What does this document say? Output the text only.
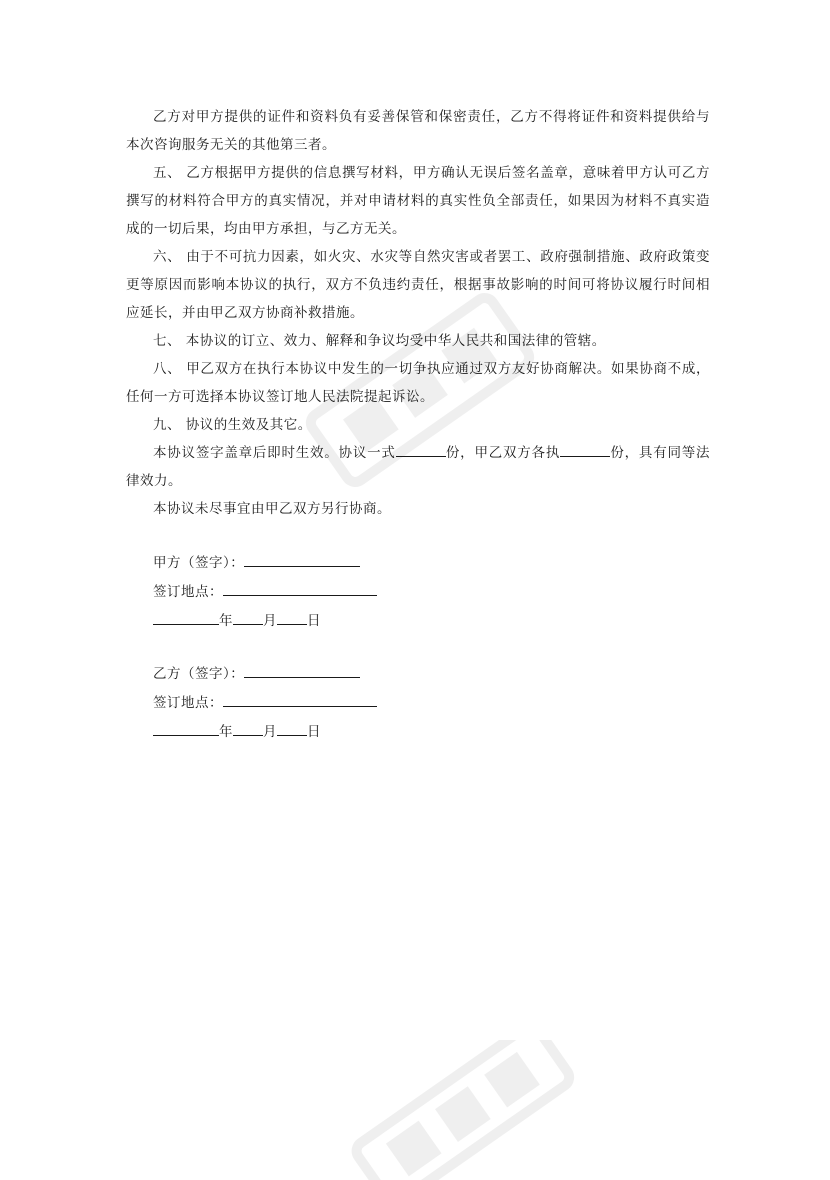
乙方对甲方提供的证件和资料负有妥善保管和保密责任，乙方不得将证件和资料提供给与本次咨询服务无关的其他第三者。

五、 乙方根据甲方提供的信息撰写材料，甲方确认无误后签名盖章，意味着甲方认可乙方撰写的材料符合甲方的真实情况，并对申请材料的真实性负全部责任，如果因为材料不真实造成的一切后果，均由甲方承担，与乙方无关。

六、 由于不可抗力因素，如火灾、水灾等自然灾害或者罢工、政府强制措施、政府政策变更等原因而影响本协议的执行，双方不负违约责任，根据事故影响的时间可将协议履行时间相应延长，并由甲乙双方协商补救措施。

七、 本协议的订立、效力、解释和争议均受中华人民共和国法律的管辖。

八、 甲乙双方在执行本协议中发生的一切争执应通过双方友好协商解决。如果协商不成，任何一方可选择本协议签订地人民法院提起诉讼。

九、 协议的生效及其它。

本协议签字盖章后即时生效。协议一式	份，甲乙双方各执	份，具有同等法律效力。

本协议未尽事宜由甲乙双方另行协商。

甲方（签字）：
签订地点：
年 月 日
乙方（签字）：
签订地点：
年 月 日
